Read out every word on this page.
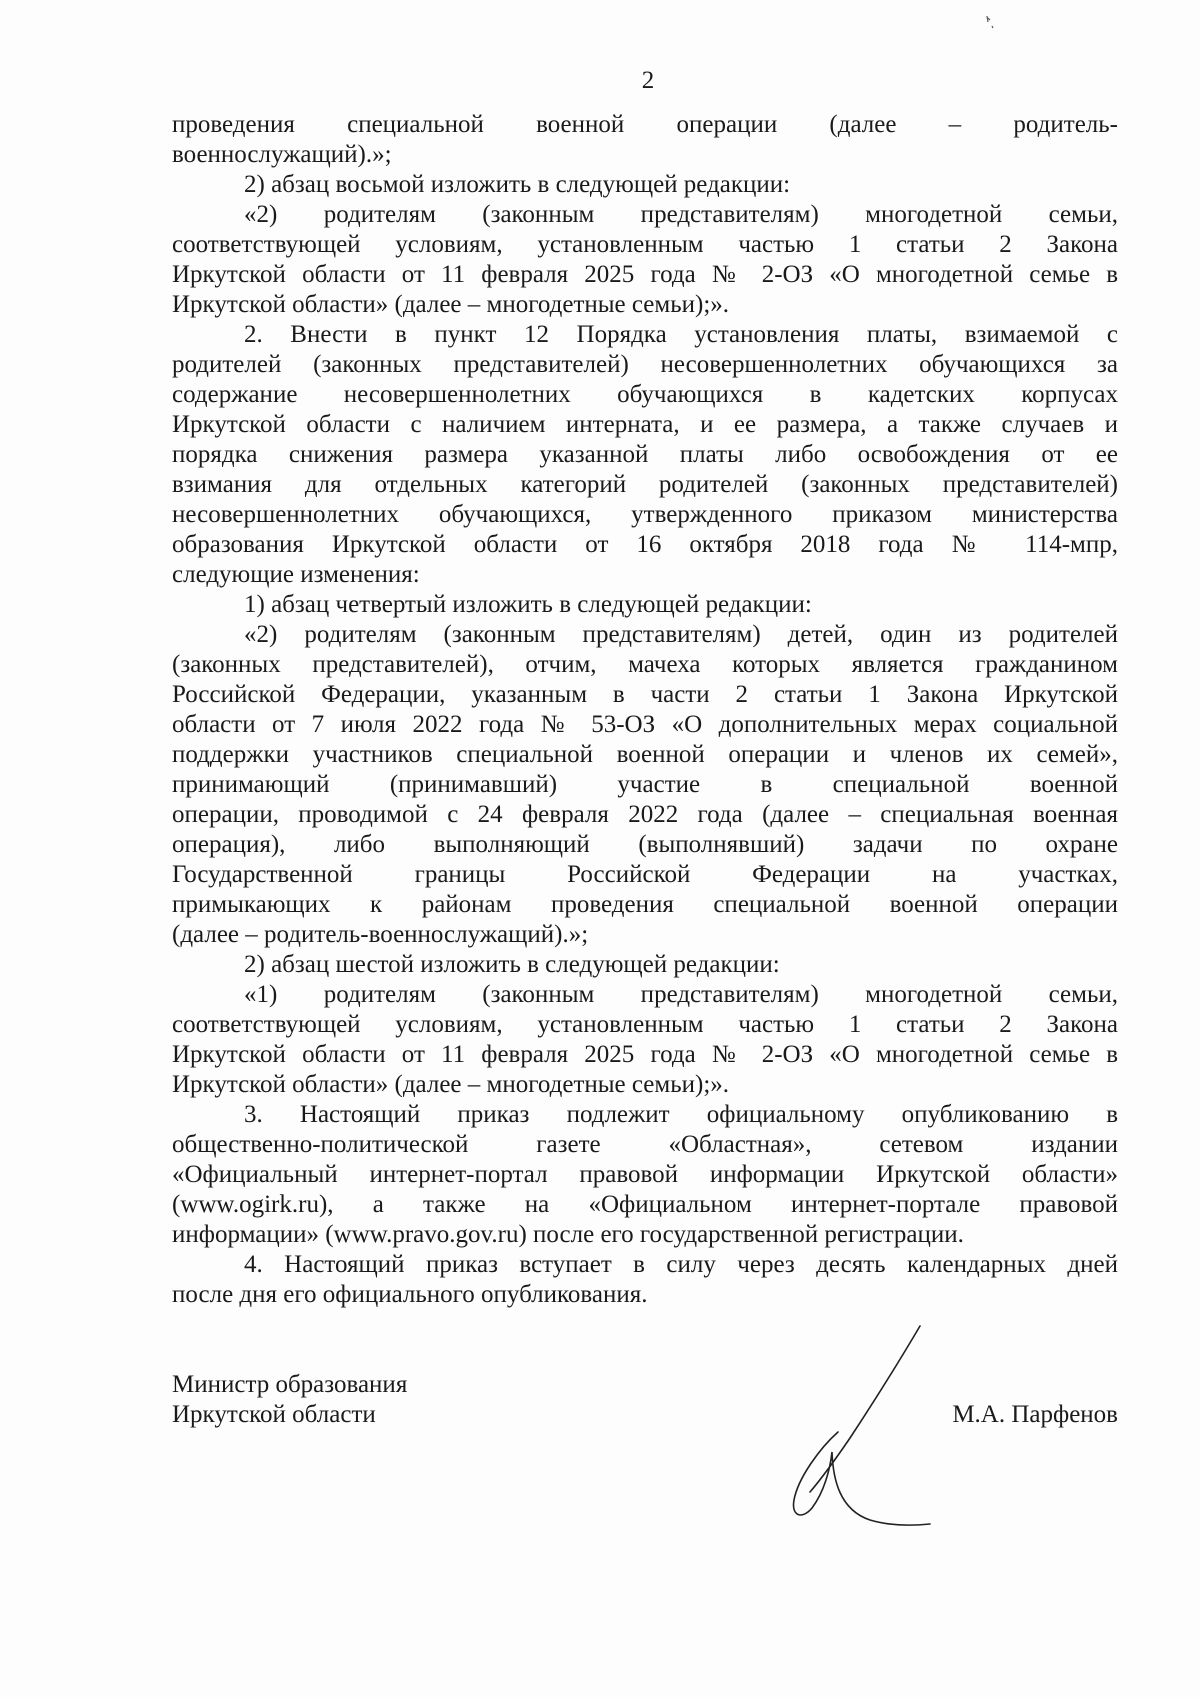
2
проведения специальной военной операции (далее – родитель-
военнослужащий).»;
2) абзац восьмой изложить в следующей редакции:
«2) родителям (законным представителям) многодетной семьи,
соответствующей условиям, установленным частью 1 статьи 2 Закона
Иркутской области от 11 февраля 2025 года № 2-ОЗ «О многодетной семье в
Иркутской области» (далее – многодетные семьи);».
2. Внести в пункт 12 Порядка установления платы, взимаемой с
родителей (законных представителей) несовершеннолетних обучающихся за
содержание несовершеннолетних обучающихся в кадетских корпусах
Иркутской области с наличием интерната, и ее размера, а также случаев и
порядка снижения размера указанной платы либо освобождения от ее
взимания для отдельных категорий родителей (законных представителей)
несовершеннолетних обучающихся, утвержденного приказом министерства
образования Иркутской области от 16 октября 2018 года № 114-мпр,
следующие изменения:
1) абзац четвертый изложить в следующей редакции:
«2) родителям (законным представителям) детей, один из родителей
(законных представителей), отчим, мачеха которых является гражданином
Российской Федерации, указанным в части 2 статьи 1 Закона Иркутской
области от 7 июля 2022 года № 53-ОЗ «О дополнительных мерах социальной
поддержки участников специальной военной операции и членов их семей»,
принимающий (принимавший) участие в специальной военной
операции, проводимой с 24 февраля 2022 года (далее – специальная военная
операция), либо выполняющий (выполнявший) задачи по охране
Государственной границы Российской Федерации на участках,
примыкающих к районам проведения специальной военной операции
(далее – родитель-военнослужащий).»;
2) абзац шестой изложить в следующей редакции:
«1) родителям (законным представителям) многодетной семьи,
соответствующей условиям, установленным частью 1 статьи 2 Закона
Иркутской области от 11 февраля 2025 года № 2-ОЗ «О многодетной семье в
Иркутской области» (далее – многодетные семьи);».
3. Настоящий приказ подлежит официальному опубликованию в
общественно-политической газете «Областная», сетевом издании
«Официальный интернет-портал правовой информации Иркутской области»
(www.ogirk.ru), а также на «Официальном интернет-портале правовой
информации» (www.pravo.gov.ru) после его государственной регистрации.
4. Настоящий приказ вступает в силу через десять календарных дней
после дня его официального опубликования.
Министр образования
Иркутской области	М.А. Парфенов
